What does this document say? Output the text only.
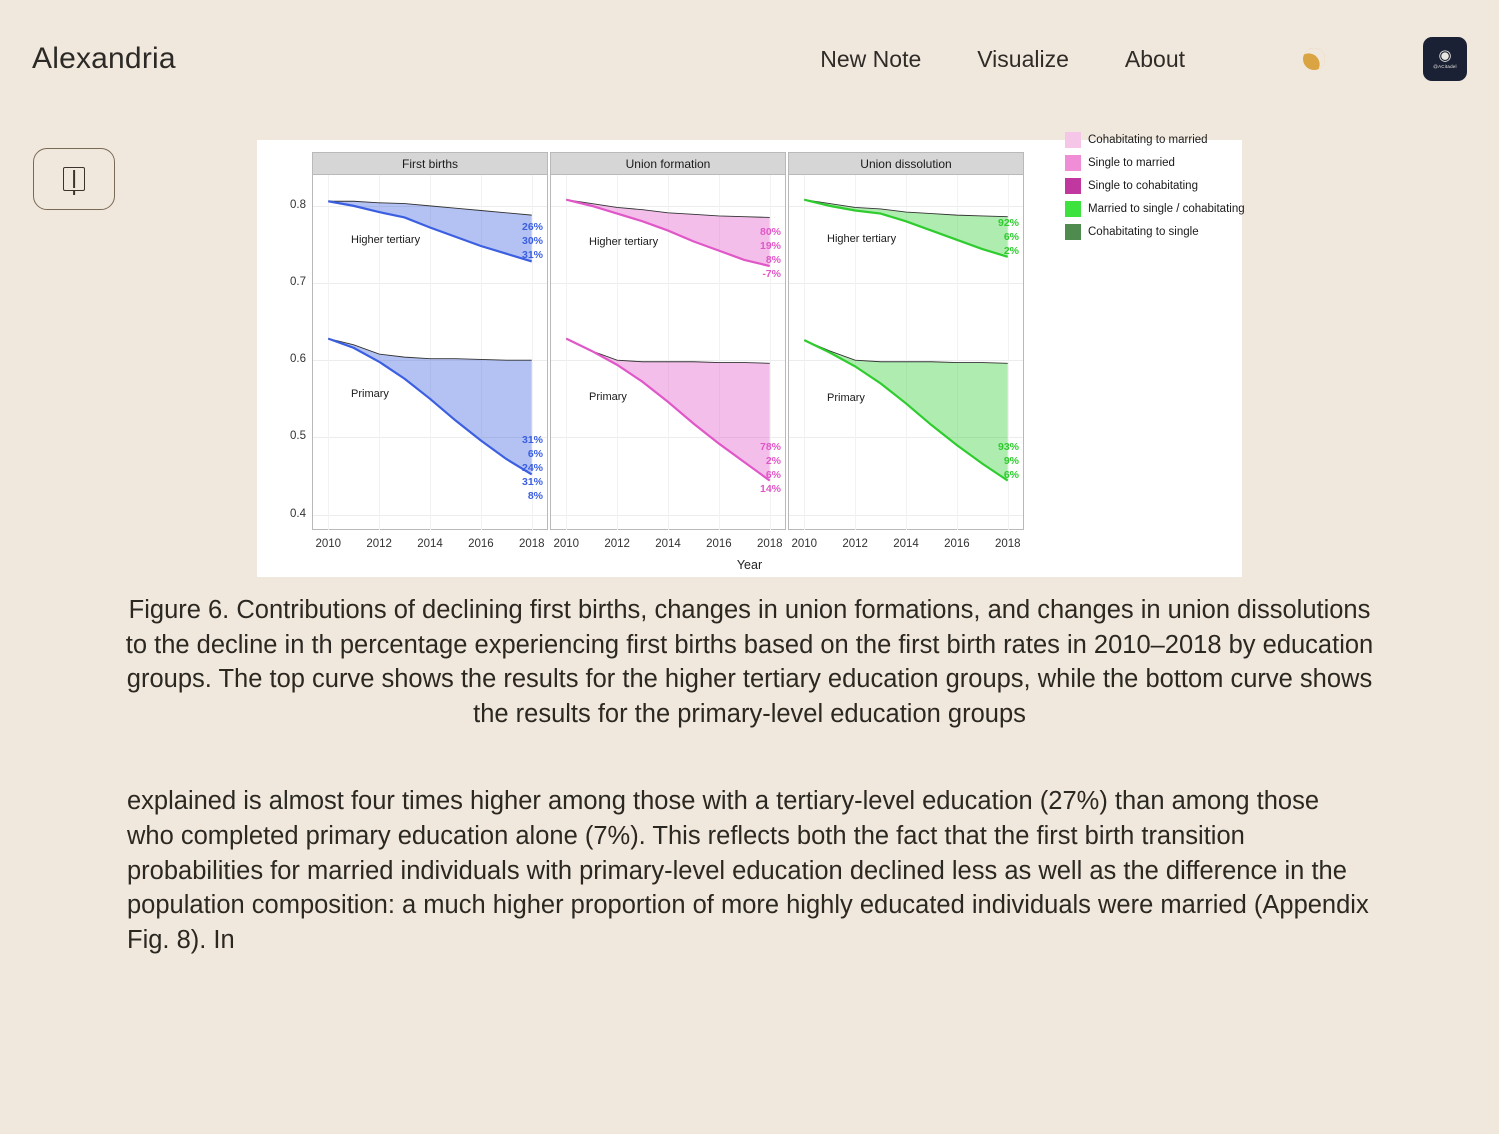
Alexandria	New Note Visualize About	◉
@ACitadel
0.4
0.5
0.6
0.7
0.8
First births
Higher tertiary
26%
30%
31%
Primary
31%
6%
24%
31%
8%
2010 2012 2014 2016 2018
Union formation
Higher tertiary
80%
19%
8%
-7%
Primary
78%
2%
6%
14%
2010 2012 2014 2016 2018
Union dissolution
Higher tertiary
92%
6%
2%
Primary
93%
9%
6%
2010 2012 2014 2016 2018
Year
Cohabitating to married
Single to married
Single to cohabitating
Married to single / cohabitating
Cohabitating to single
Figure 6. Contributions of declining first births, changes in union formations, and changes in union dissolutions to the decline in th percentage experiencing first births based on the first birth rates in 2010–2018 by education groups. The top curve shows the results for the higher tertiary education groups, while the bottom curve shows the results for the primary-level education groups
explained is almost four times higher among those with a tertiary-level education (27%) than among those who completed primary education alone (7%). This reflects both the fact that the first birth transition probabilities for married individuals with primary-level education declined less as well as the difference in the population composition: a much higher proportion of more highly educated individuals were married (Appendix Fig. 8). In
